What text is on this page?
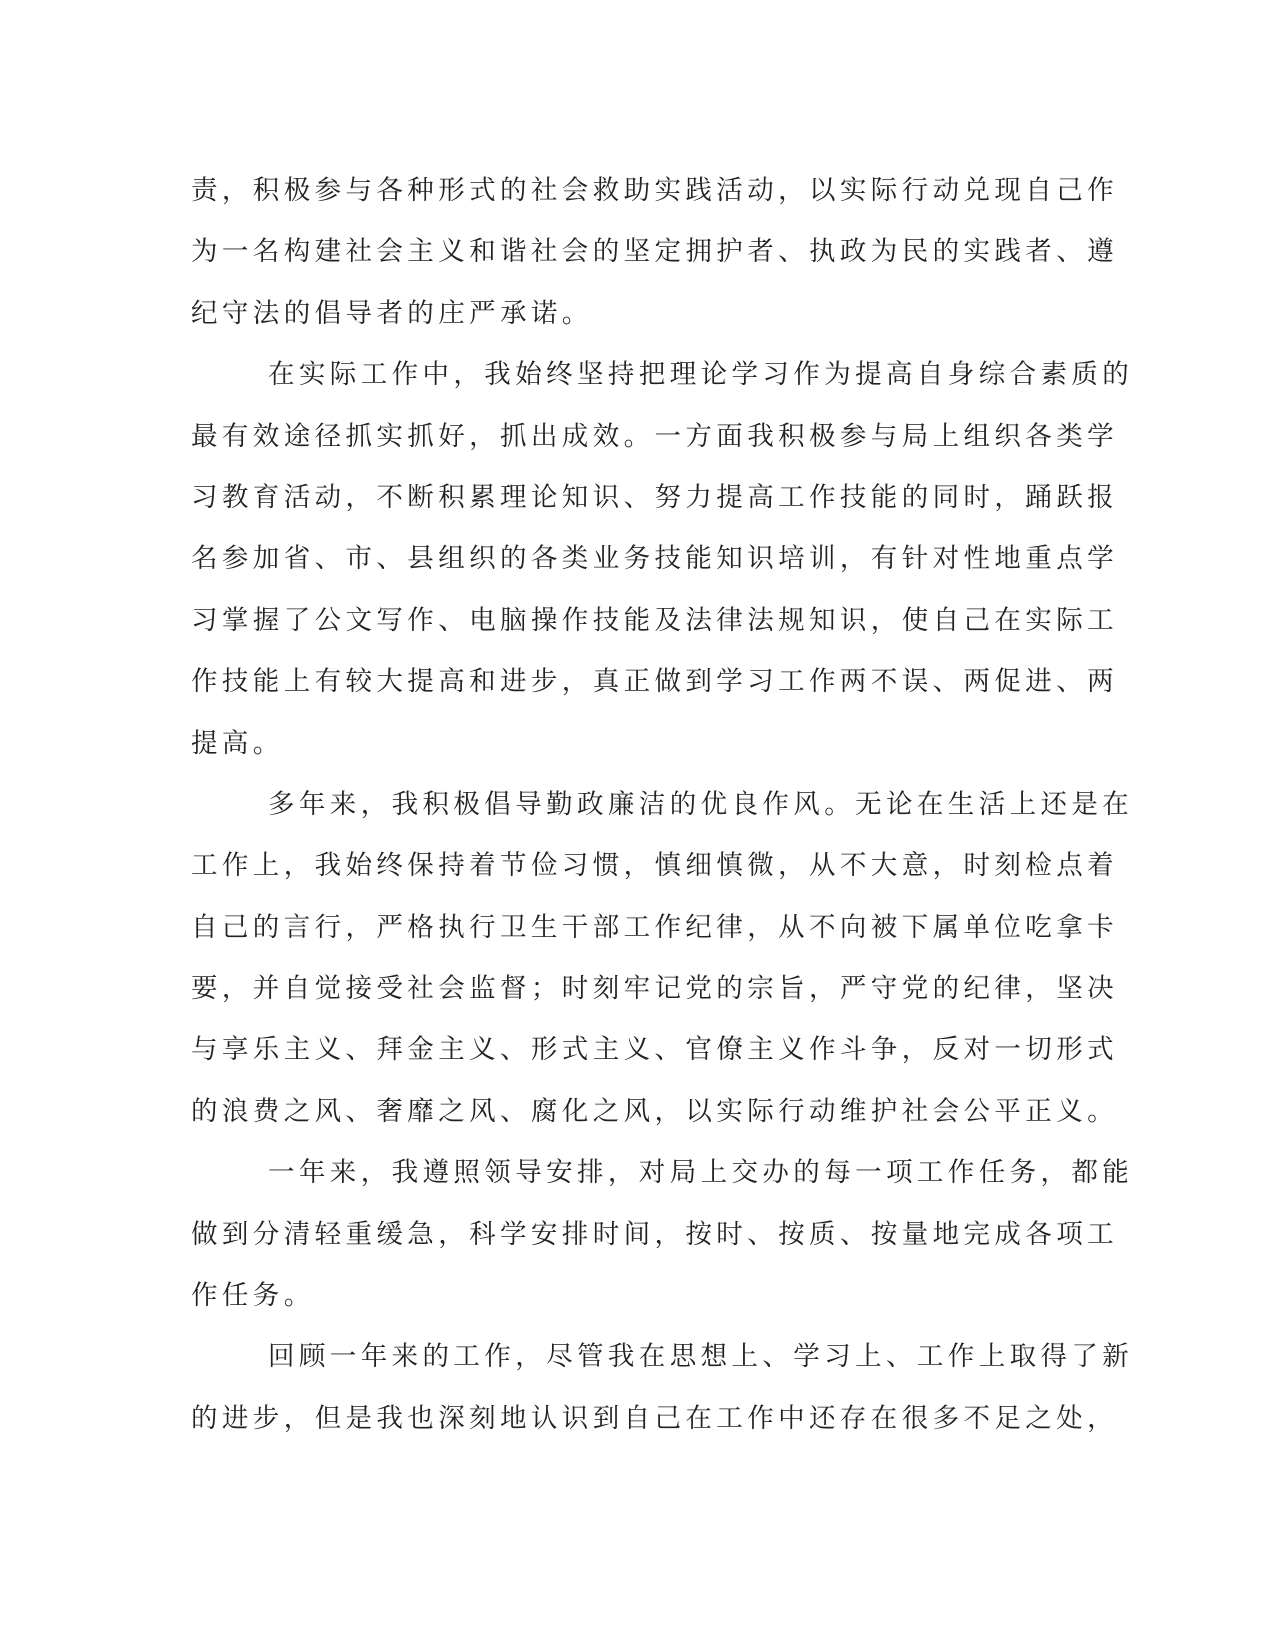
责，积极参与各种形式的社会救助实践活动，以实际行动兑现自己作
为一名构建社会主义和谐社会的坚定拥护者、执政为民的实践者、遵
纪守法的倡导者的庄严承诺。
在实际工作中，我始终坚持把理论学习作为提高自身综合素质的
最有效途径抓实抓好，抓出成效。一方面我积极参与局上组织各类学
习教育活动，不断积累理论知识、努力提高工作技能的同时，踊跃报
名参加省、市、县组织的各类业务技能知识培训，有针对性地重点学
习掌握了公文写作、电脑操作技能及法律法规知识，使自己在实际工
作技能上有较大提高和进步，真正做到学习工作两不误、两促进、两
提高。
多年来，我积极倡导勤政廉洁的优良作风。无论在生活上还是在
工作上，我始终保持着节俭习惯，慎细慎微，从不大意，时刻检点着
自己的言行，严格执行卫生干部工作纪律，从不向被下属单位吃拿卡
要，并自觉接受社会监督；时刻牢记党的宗旨，严守党的纪律，坚决
与享乐主义、拜金主义、形式主义、官僚主义作斗争，反对一切形式
的浪费之风、奢靡之风、腐化之风，以实际行动维护社会公平正义。
一年来，我遵照领导安排，对局上交办的每一项工作任务，都能
做到分清轻重缓急，科学安排时间，按时、按质、按量地完成各项工
作任务。
回顾一年来的工作，尽管我在思想上、学习上、工作上取得了新
的进步，但是我也深刻地认识到自己在工作中还存在很多不足之处，
